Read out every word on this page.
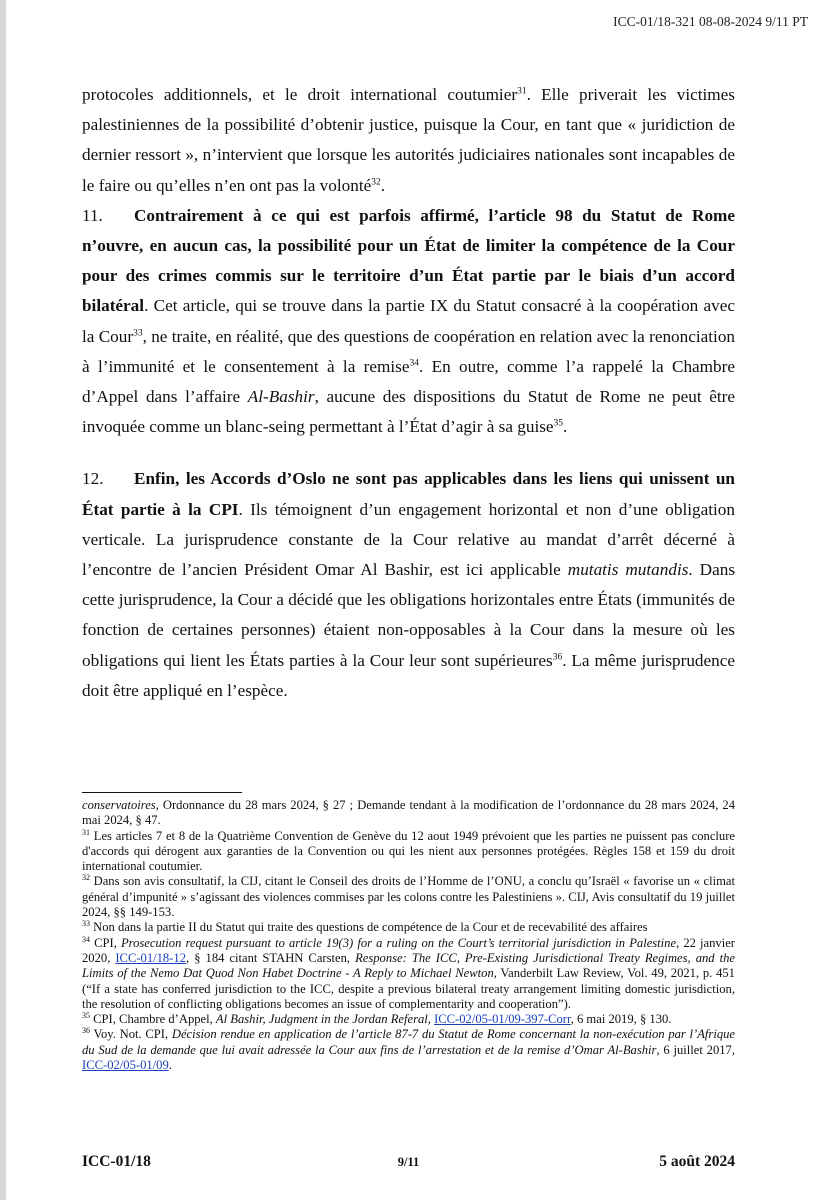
ICC-01/18-321 08-08-2024 9/11 PT

protocoles additionnels, et le droit international coutumier$^{31}$. Elle priverait les victimes palestiniennes de la possibilité d’obtenir justice, puisque la Cour, en tant que « juridiction de dernier ressort », n’intervient que lorsque les autorités judiciaires nationales sont incapables de le faire ou qu’elles n’en ont pas la volonté$^{32}$.

11. Contrairement à ce qui est parfois affirmé, l’article 98 du Statut de Rome n’ouvre, en aucun cas, la possibilité pour un État de limiter la compétence de la Cour pour des crimes commis sur le territoire d’un État partie par le biais d’un accord bilatéral. Cet article, qui se trouve dans la partie IX du Statut consacré à la coopération avec la Cour$^{33}$, ne traite, en réalité, que des questions de coopération en relation avec la renonciation à l’immunité et le consentement à la remise$^{34}$. En outre, comme l’a rappelé la Chambre d’Appel dans l’affaire Al-Bashir, aucune des dispositions du Statut de Rome ne peut être invoquée comme un blanc-seing permettant à l’État d’agir à sa guise$^{35}$.

12. Enfin, les Accords d’Oslo ne sont pas applicables dans les liens qui unissent un État partie à la CPI. Ils témoignent d’un engagement horizontal et non d’une obligation verticale. La jurisprudence constante de la Cour relative au mandat d’arrêt décerné à l’encontre de l’ancien Président Omar Al Bashir, est ici applicable mutatis mutandis. Dans cette jurisprudence, la Cour a décidé que les obligations horizontales entre États (immunités de fonction de certaines personnes) étaient non-opposables à la Cour dans la mesure où les obligations qui lient les États parties à la Cour leur sont supérieures$^{36}$. La même jurisprudence doit être appliqué en l’espèce.

conservatoires, Ordonnance du 28 mars 2024, § 27 ; Demande tendant à la modification de l’ordonnance du 28 mars 2024, 24 mai 2024, § 47.

$^{31}$ Les articles 7 et 8 de la Quatrième Convention de Genève du 12 aout 1949 prévoient que les parties ne puissent pas conclure d'accords qui dérogent aux garanties de la Convention ou qui les nient aux personnes protégées. Règles 158 et 159 du droit international coutumier.

$^{32}$ Dans son avis consultatif, la CIJ, citant le Conseil des droits de l’Homme de l’ONU, a conclu qu’Israël « favorise un « climat général d’impunité » s’agissant des violences commises par les colons contre les Palestiniens ». CIJ, Avis consultatif du 19 juillet 2024, §§ 149-153.

$^{33}$ Non dans la partie II du Statut qui traite des questions de compétence de la Cour et de recevabilité des affaires

$^{34}$ CPI, Prosecution request pursuant to article 19(3) for a ruling on the Court’s territorial jurisdiction in Palestine, 22 janvier 2020, ICC-01/18-12, § 184 citant STAHN Carsten, Response: The ICC, Pre-Existing Jurisdictional Treaty Regimes, and the Limits of the Nemo Dat Quod Non Habet Doctrine - A Reply to Michael Newton, Vanderbilt Law Review, Vol. 49, 2021, p. 451 (“If a state has conferred jurisdiction to the ICC, despite a previous bilateral treaty arrangement limiting domestic jurisdiction, the resolution of conflicting obligations becomes an issue of complementarity and cooperation”).

$^{35}$ CPI, Chambre d’Appel, Al Bashir, Judgment in the Jordan Referal, ICC-02/05-01/09-397-Corr, 6 mai 2019, § 130.

$^{36}$ Voy. Not. CPI, Décision rendue en application de l’article 87-7 du Statut de Rome concernant la non-exécution par l’Afrique du Sud de la demande que lui avait adressée la Cour aux fins de l’arrestation et de la remise d’Omar Al-Bashir, 6 juillet 2017, ICC-02/05-01/09.

ICC-01/18	9/11	5 août 2024
